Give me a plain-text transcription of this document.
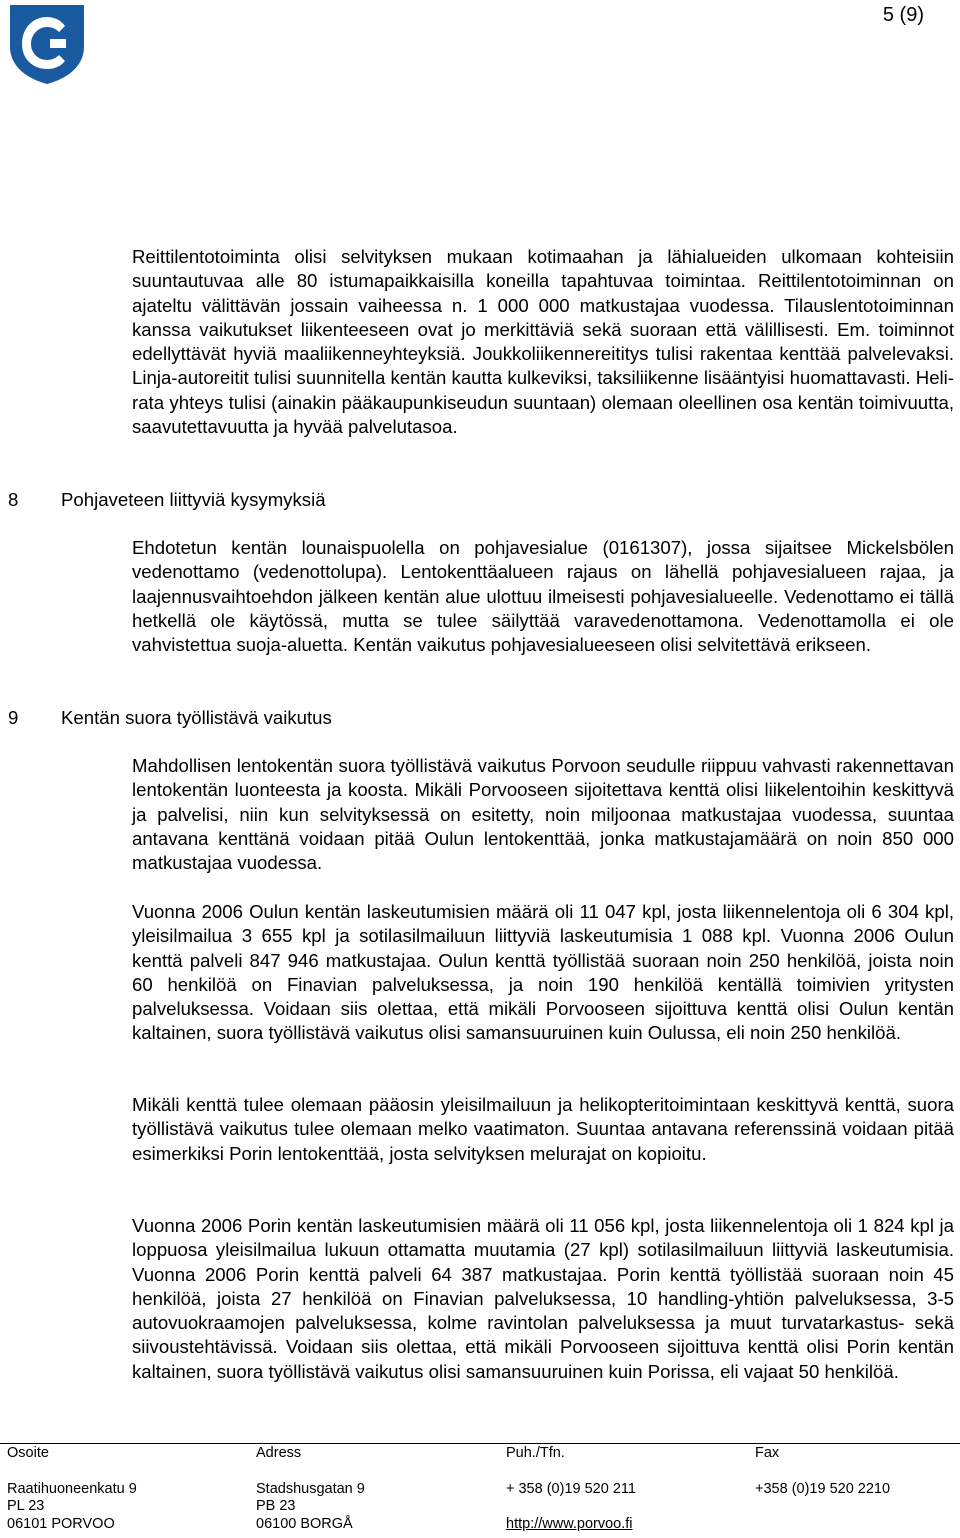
Porvoon kaupunki
Borgå stad
Lentokenttätyöryhmän lausuntoehdotus
(Käsitellään kaupunginhallituksessa 22.10.2007
ja kaupunginvaltuustossa 31.10.2007)
5 (9)
15.10.2007

Reittilentotoiminta olisi selvityksen mukaan kotimaahan ja lähialueiden ulkomaan kohteisiin suuntautuvaa alle 80 istumapaikkaisilla koneilla tapahtuvaa toimintaa. Reittilentotoiminnan on ajateltu välittävän jossain vaiheessa n. 1 000 000 matkustajaa vuodessa. Tilauslentotoiminnan kanssa vaikutukset liikenteeseen ovat jo merkittäviä sekä suoraan että välillisesti. Em. toiminnot edellyttävät hyviä maaliikenneyhteyksiä. Joukkoliikennereititys tulisi rakentaa kenttää palvelevaksi. Linja-autoreitit tulisi suunnitella kentän kautta kulkeviksi, taksiliikenne lisääntyisi huomattavasti. Heli-rata yhteys tulisi (ainakin pääkaupunkiseudun suuntaan) olemaan oleellinen osa kentän toimivuutta, saavutettavuutta ja hyvää palvelutasoa.

8 Pohjaveteen liittyviä kysymyksiä

Ehdotetun kentän lounaispuolella on pohjavesialue (0161307), jossa sijaitsee Mickelsbölen vedenottamo (vedenottolupa). Lentokenttäalueen rajaus on lähellä pohjavesialueen rajaa, ja laajennusvaihtoehdon jälkeen kentän alue ulottuu ilmeisesti pohjavesialueelle. Vedenottamo ei tällä hetkellä ole käytössä, mutta se tulee säilyttää varavedenottamona. Vedenottamolla ei ole vahvistettua suoja-aluetta. Kentän vaikutus pohjavesialueeseen olisi selvitettävä erikseen.

9 Kentän suora työllistävä vaikutus

Mahdollisen lentokentän suora työllistävä vaikutus Porvoon seudulle riippuu vahvasti rakennettavan lentokentän luonteesta ja koosta. Mikäli Porvooseen sijoitettava kenttä olisi liikelentoihin keskittyvä ja palvelisi, niin kun selvityksessä on esitetty, noin miljoonaa matkustajaa vuodessa, suuntaa antavana kenttänä voidaan pitää Oulun lentokenttää, jonka matkustajamäärä on noin 850 000 matkustajaa vuodessa.

Vuonna 2006 Oulun kentän laskeutumisien määrä oli 11 047 kpl, josta liikennelentoja oli 6 304 kpl, yleisilmailua 3 655 kpl ja sotilasilmailuun liittyviä laskeutumisia 1 088 kpl. Vuonna 2006 Oulun kenttä palveli 847 946 matkustajaa. Oulun kenttä työllistää suoraan noin 250 henkilöä, joista noin 60 henkilöä on Finavian palveluksessa, ja noin 190 henkilöä kentällä toimivien yritysten palveluksessa. Voidaan siis olettaa, että mikäli Porvooseen sijoittuva kenttä olisi Oulun kentän kaltainen, suora työllistävä vaikutus olisi samansuuruinen kuin Oulussa, eli noin 250 henkilöä.

Mikäli kenttä tulee olemaan pääosin yleisilmailuun ja helikopteritoimintaan keskittyvä kenttä, suora työllistävä vaikutus tulee olemaan melko vaatimaton. Suuntaa antavana referenssinä voidaan pitää esimerkiksi Porin lentokenttää, josta selvityksen melurajat on kopioitu.

Vuonna 2006 Porin kentän laskeutumisien määrä oli 11 056 kpl, josta liikennelentoja oli 1 824 kpl ja loppuosa yleisilmailua lukuun ottamatta muutamia (27 kpl) sotilasilmailuun liittyviä laskeutumisia. Vuonna 2006 Porin kenttä palveli 64 387 matkustajaa. Porin kenttä työllistää suoraan noin 45 henkilöä, joista 27 henkilöä on Finavian palveluksessa, 10 handling-yhtiön palveluksessa, 3-5 autovuokraamojen palveluksessa, kolme ravintolan palveluksessa ja muut turvatarkastus- sekä siivoustehtävissä. Voidaan siis olettaa, että mikäli Porvooseen sijoittuva kenttä olisi Porin kentän kaltainen, suora työllistävä vaikutus olisi samansuuruinen kuin Porissa, eli vajaat 50 henkilöä.

Osoite
Raatihuoneenkatu 9
PL 23
06101 PORVOO
Adress
Stadshusgatan 9
PB 23
06100 BORGÅ
Puh./Tfn.
+ 358 (0)19 520 211
http://www.porvoo.fi
Fax
+358 (0)19 520 2210
